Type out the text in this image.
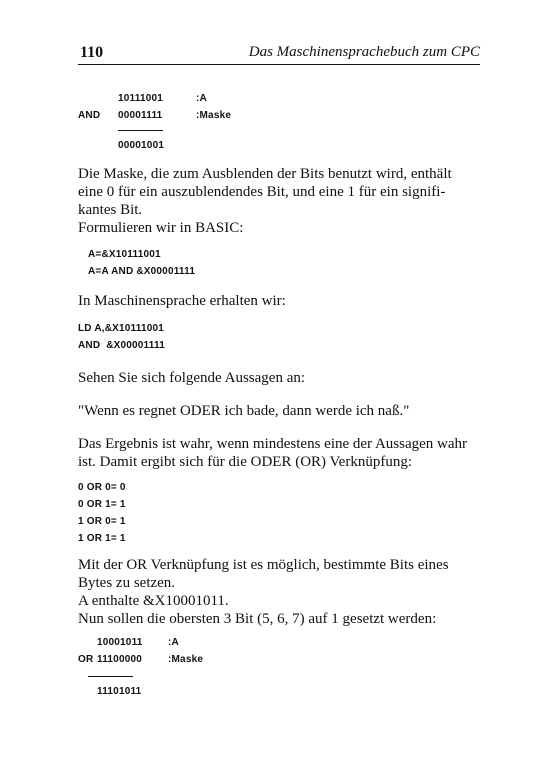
110	Das Maschinensprachebuch zum CPC
10111001	:A
AND 00001111	:Maske
00001001
Die Maske, die zum Ausblenden der Bits benutzt wird, enthält
eine 0 für ein auszublendendes Bit, und eine 1 für ein signifi-
kantes Bit.
Formulieren wir in BASIC:
A=&X10111001
A=A AND &X00001111
In Maschinensprache erhalten wir:
LD A,&X10111001
AND  &X00001111
Sehen Sie sich folgende Aussagen an:
"Wenn es regnet ODER ich bade, dann werde ich naß."
Das Ergebnis ist wahr, wenn mindestens eine der Aussagen wahr
ist. Damit ergibt sich für die ODER (OR) Verknüpfung:
0 OR 0= 0
0 OR 1= 1
1 OR 0= 1
1 OR 1= 1
Mit der OR Verknüpfung ist es möglich, bestimmte Bits eines
Bytes zu setzen.
A enthalte &X10001011.
Nun sollen die obersten 3 Bit (5, 6, 7) auf 1 gesetzt werden:
10001011	:A
OR 11100000	:Maske
11101011
